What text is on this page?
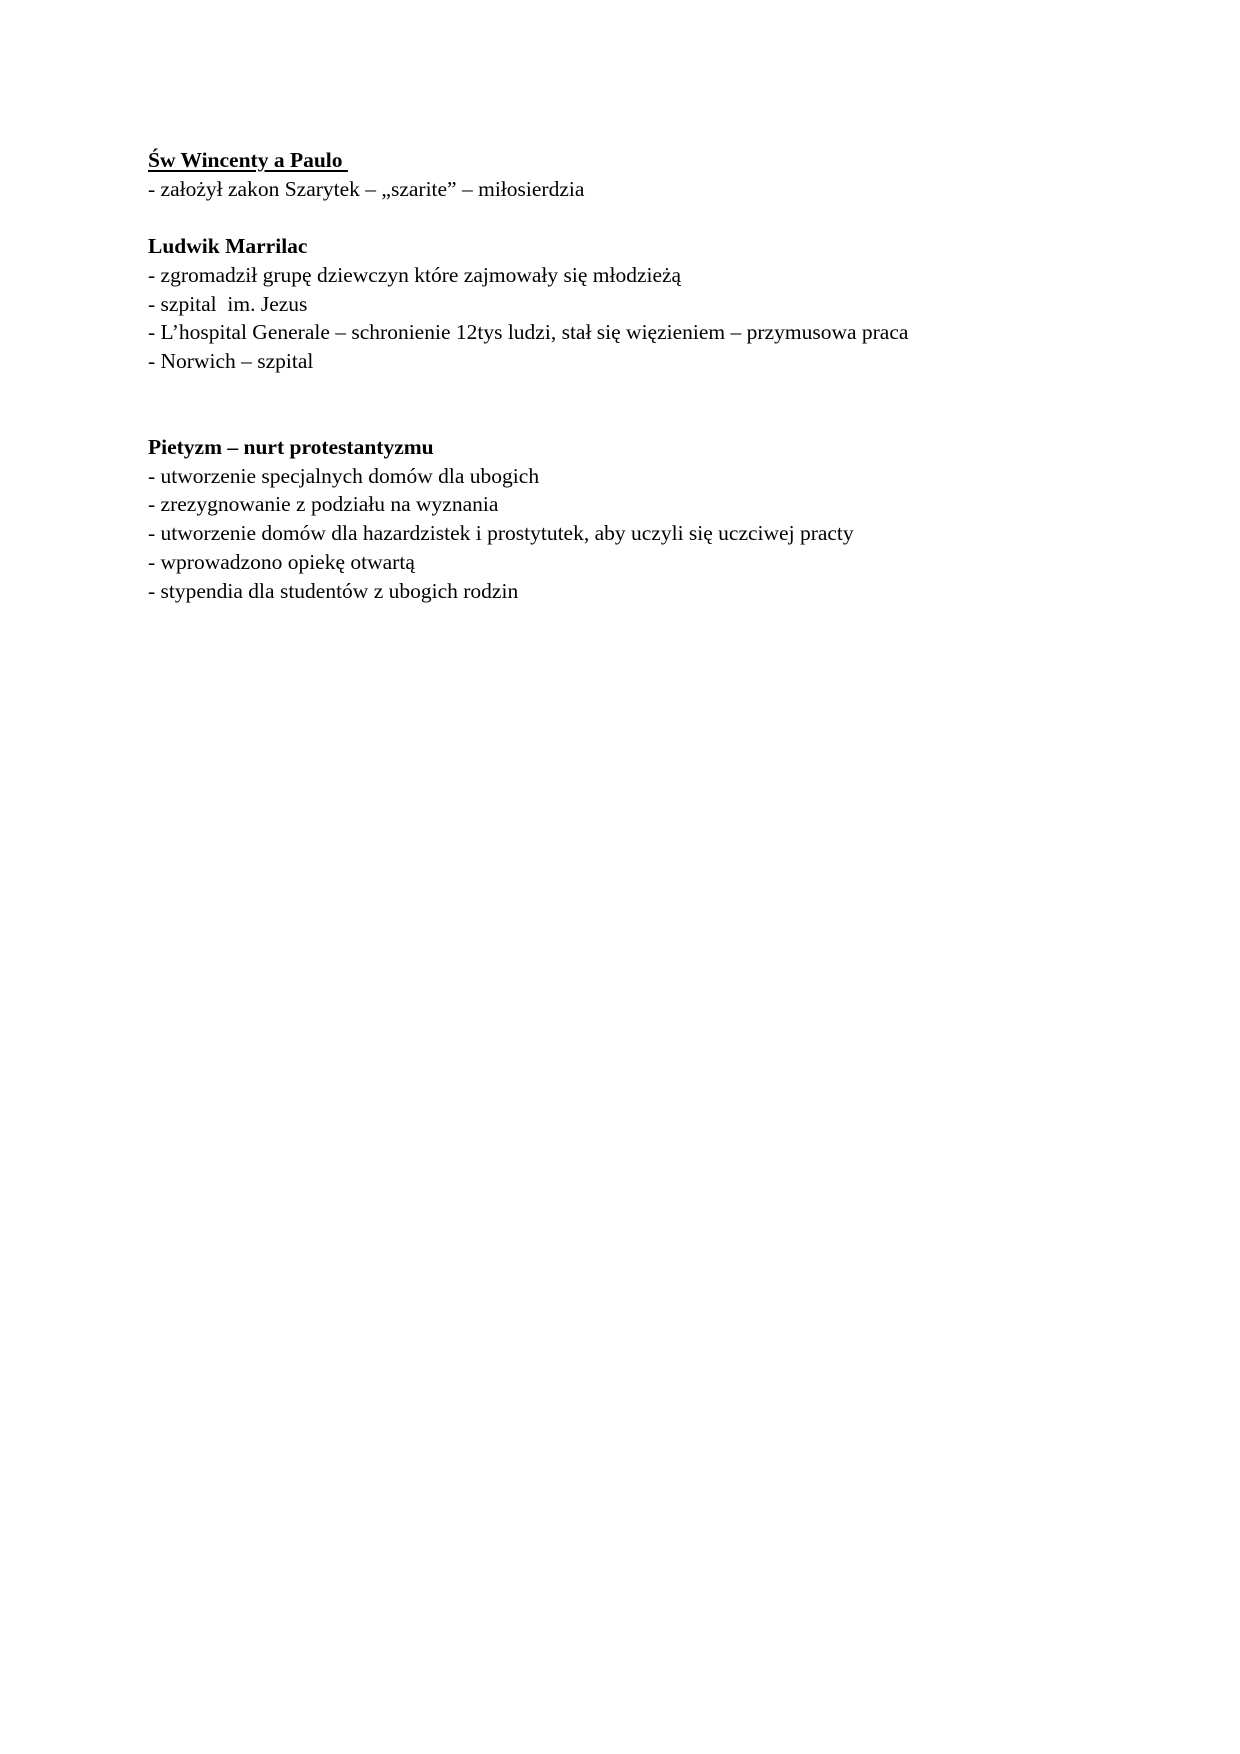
Św Wincenty a Paulo

- założył zakon Szarytek – „szarite” – miłosierdzia

Ludwik Marrilac

- zgromadził grupę dziewczyn które zajmowały się młodzieżą

- szpital  im. Jezus

- L’hospital Generale – schronienie 12tys ludzi, stał się więzieniem – przymusowa praca

- Norwich – szpital

Pietyzm – nurt protestantyzmu

- utworzenie specjalnych domów dla ubogich

- zrezygnowanie z podziału na wyznania

- utworzenie domów dla hazardzistek i prostytutek, aby uczyli się uczciwej practy

- wprowadzono opiekę otwartą

- stypendia dla studentów z ubogich rodzin
